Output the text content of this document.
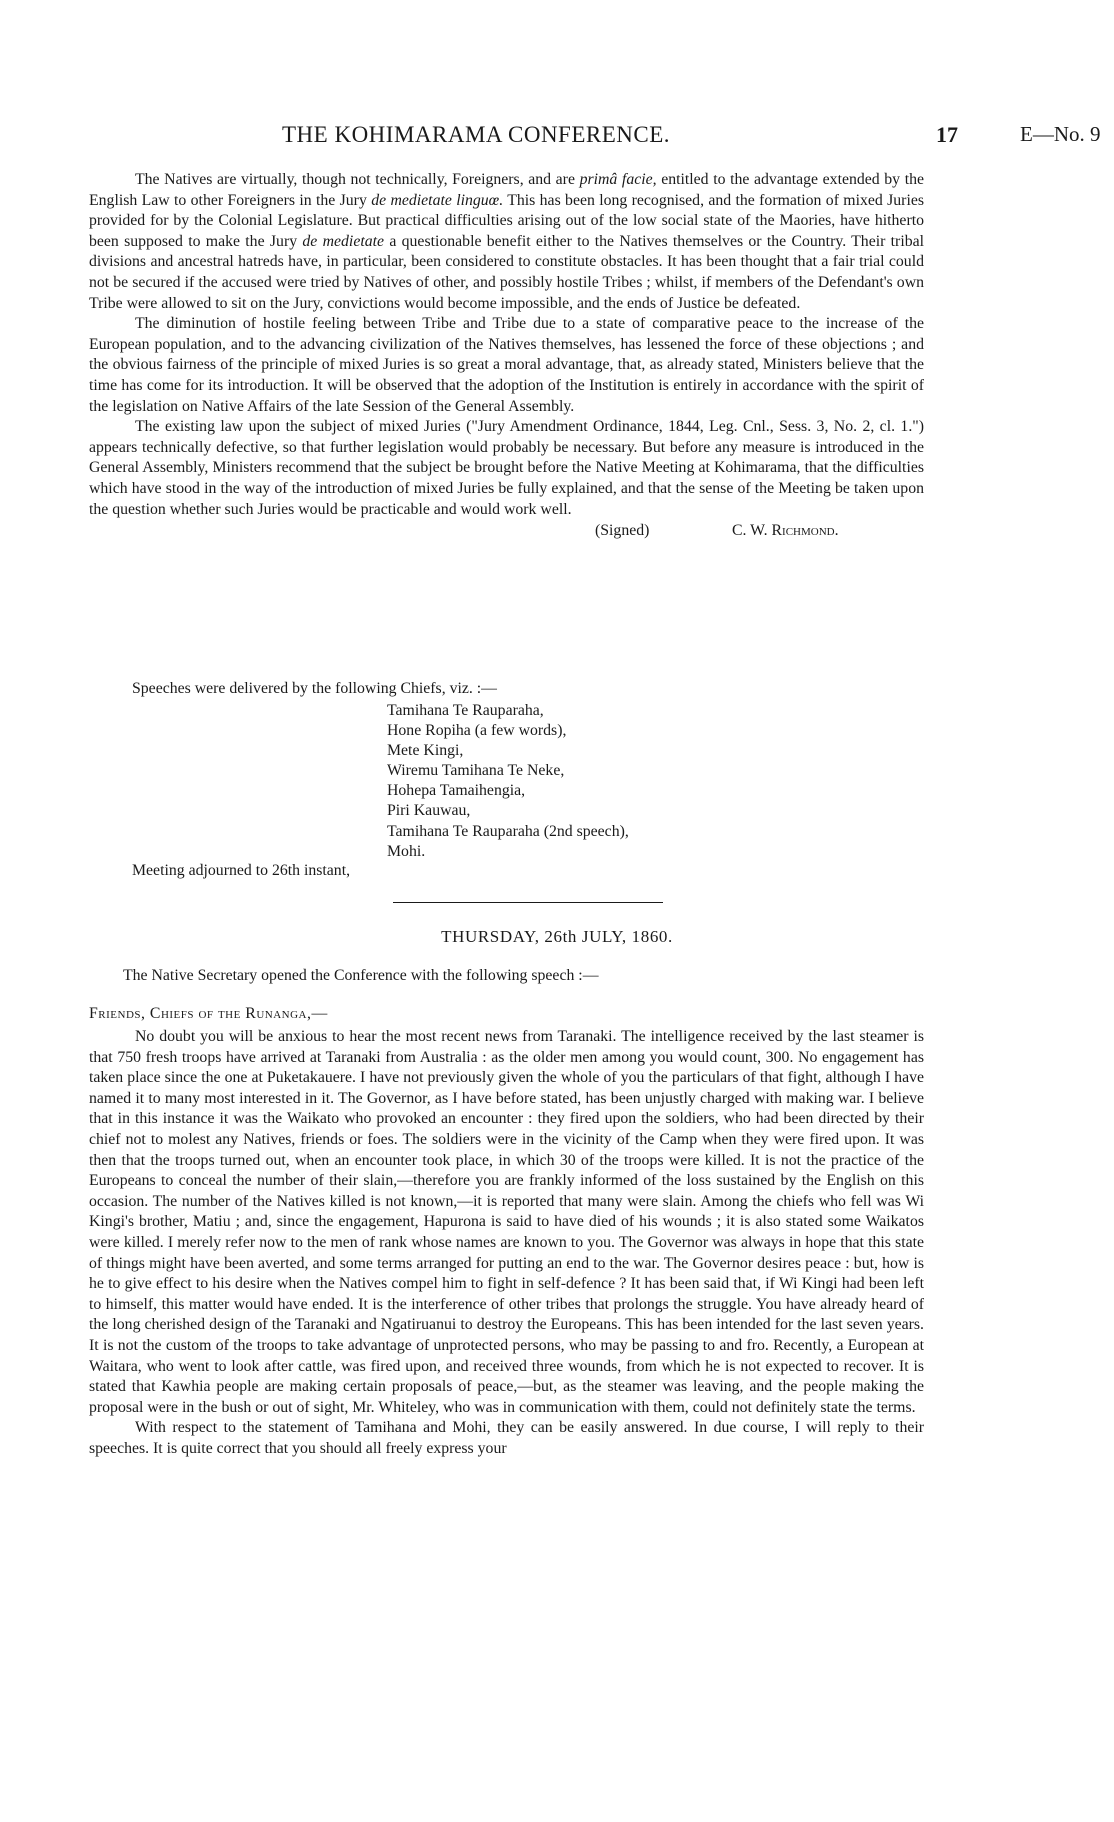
THE KOHIMARAMA CONFERENCE.	17	E—No. 9

The Natives are virtually, though not technically, Foreigners, and are primâ facie, entitled to the advantage extended by the English Law to other Foreigners in the Jury de medietate linguœ. This has been long recognised, and the formation of mixed Juries provided for by the Colonial Legislature. But practical difficulties arising out of the low social state of the Maories, have hitherto been supposed to make the Jury de medietate a questionable benefit either to the Natives themselves or the Country. Their tribal divisions and ancestral hatreds have, in particular, been considered to constitute obstacles. It has been thought that a fair trial could not be secured if the accused were tried by Natives of other, and possibly hostile Tribes ; whilst, if members of the Defendant's own Tribe were allowed to sit on the Jury, convictions would become impossible, and the ends of Justice be defeated.

The diminution of hostile feeling between Tribe and Tribe due to a state of comparative peace to the increase of the European population, and to the advancing civilization of the Natives themselves, has lessened the force of these objections ; and the obvious fairness of the principle of mixed Juries is so great a moral advantage, that, as already stated, Ministers believe that the time has come for its introduction. It will be observed that the adoption of the Institution is entirely in accordance with the spirit of the legislation on Native Affairs of the late Session of the General Assembly.

The existing law upon the subject of mixed Juries ("Jury Amendment Ordinance, 1844, Leg. Cnl., Sess. 3, No. 2, cl. 1.") appears technically defective, so that further legislation would probably be necessary. But before any measure is introduced in the General Assembly, Ministers recommend that the subject be brought before the Native Meeting at Kohimarama, that the difficulties which have stood in the way of the introduction of mixed Juries be fully explained, and that the sense of the Meeting be taken upon the question whether such Juries would be practicable and would work well.

(Signed)	C. W. Richmond.
Speeches were delivered by the following Chiefs, viz. :—
Tamihana Te Rauparaha,
Hone Ropiha (a few words),
Mete Kingi,
Wiremu Tamihana Te Neke,
Hohepa Tamaihengia,
Piri Kauwau,
Tamihana Te Rauparaha (2nd speech),
Mohi.
Meeting adjourned to 26th instant,
THURSDAY, 26th JULY, 1860.
The Native Secretary opened the Conference with the following speech :—
Friends, Chiefs of the Runanga,—

No doubt you will be anxious to hear the most recent news from Taranaki. The intelligence received by the last steamer is that 750 fresh troops have arrived at Taranaki from Australia : as the older men among you would count, 300. No engagement has taken place since the one at Puketakauere. I have not previously given the whole of you the particulars of that fight, although I have named it to many most interested in it. The Governor, as I have before stated, has been unjustly charged with making war. I believe that in this instance it was the Waikato who provoked an encounter : they fired upon the soldiers, who had been directed by their chief not to molest any Natives, friends or foes. The soldiers were in the vicinity of the Camp when they were fired upon. It was then that the troops turned out, when an encounter took place, in which 30 of the troops were killed. It is not the practice of the Europeans to conceal the number of their slain,—therefore you are frankly informed of the loss sustained by the English on this occasion. The number of the Natives killed is not known,—it is reported that many were slain. Among the chiefs who fell was Wi Kingi's brother, Matiu ; and, since the engagement, Hapurona is said to have died of his wounds ; it is also stated some Waikatos were killed. I merely refer now to the men of rank whose names are known to you. The Governor was always in hope that this state of things might have been averted, and some terms arranged for putting an end to the war. The Governor desires peace : but, how is he to give effect to his desire when the Natives compel him to fight in self-defence ? It has been said that, if Wi Kingi had been left to himself, this matter would have ended. It is the interference of other tribes that prolongs the struggle. You have already heard of the long cherished design of the Taranaki and Ngatiruanui to destroy the Europeans. This has been intended for the last seven years. It is not the custom of the troops to take advantage of unprotected persons, who may be passing to and fro. Recently, a European at Waitara, who went to look after cattle, was fired upon, and received three wounds, from which he is not expected to recover. It is stated that Kawhia people are making certain proposals of peace,—but, as the steamer was leaving, and the people making the proposal were in the bush or out of sight, Mr. Whiteley, who was in communication with them, could not definitely state the terms.

With respect to the statement of Tamihana and Mohi, they can be easily answered. In due course, I will reply to their speeches. It is quite correct that you should all freely express your
